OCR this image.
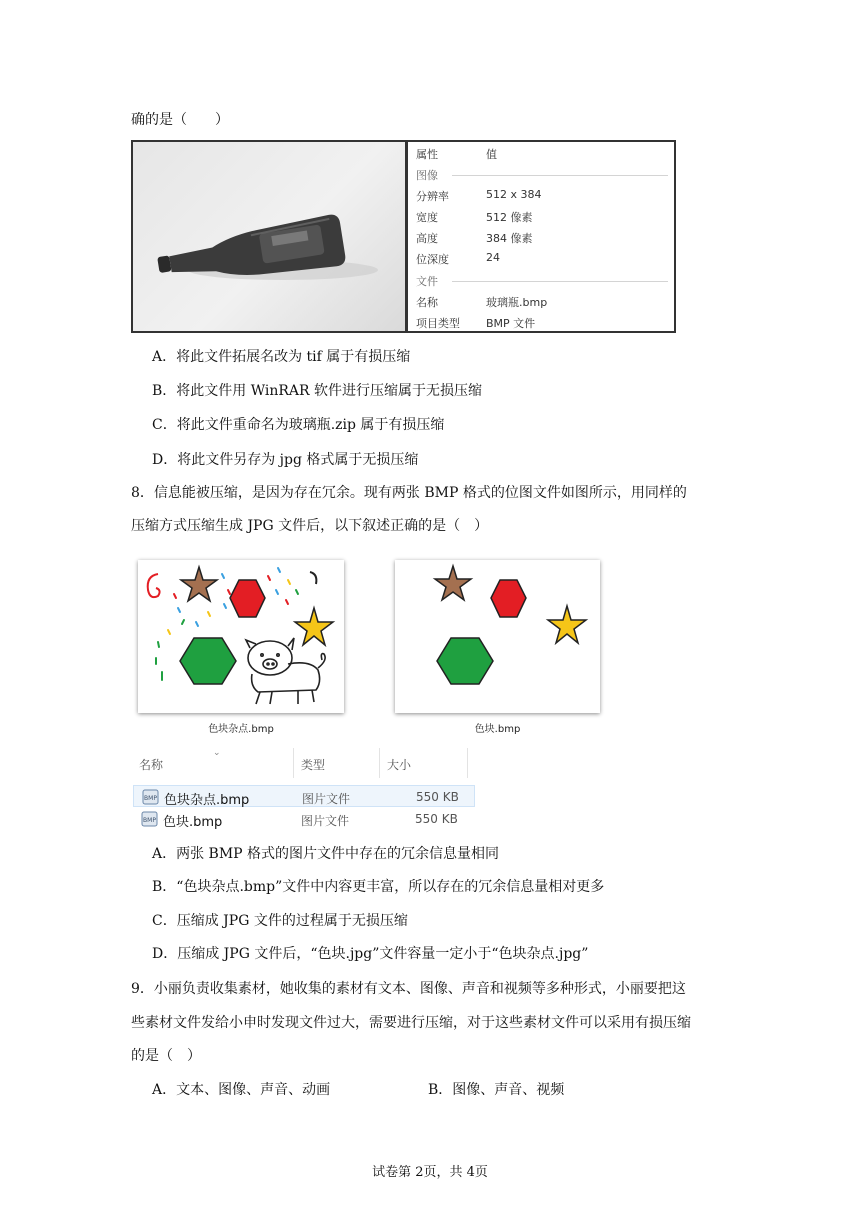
确的是（　　）
属性	值
图像
分辨率	512 x 384
宽度	512 像素
高度	384 像素
位深度	24
文件
名称	玻璃瓶.bmp
项目类型	BMP 文件
A．将此文件拓展名改为 tif 属于有损压缩
B．将此文件用 WinRAR 软件进行压缩属于无损压缩
C．将此文件重命名为玻璃瓶.zip 属于有损压缩
D．将此文件另存为 jpg 格式属于无损压缩
8．信息能被压缩，是因为存在冗余。现有两张 BMP 格式的位图文件如图所示，用同样的
压缩方式压缩生成 JPG 文件后，以下叙述正确的是（　）
色块杂点.bmp	色块.bmp
⌄
名称	类型	大小
BMP 色块杂点.bmp	图片文件	550 KB
BMP 色块.bmp	图片文件	550 KB
A．两张 BMP 格式的图片文件中存在的冗余信息量相同
B．“色块杂点.bmp”文件中内容更丰富，所以存在的冗余信息量相对更多
C．压缩成 JPG 文件的过程属于无损压缩
D．压缩成 JPG 文件后，“色块.jpg”文件容量一定小于“色块杂点.jpg”
9．小丽负责收集素材，她收集的素材有文本、图像、声音和视频等多种形式，小丽要把这
些素材文件发给小申时发现文件过大，需要进行压缩，对于这些素材文件可以采用有损压缩
的是（　）
A．文本、图像、声音、动画	B．图像、声音、视频
试卷第 2页，共 4页
